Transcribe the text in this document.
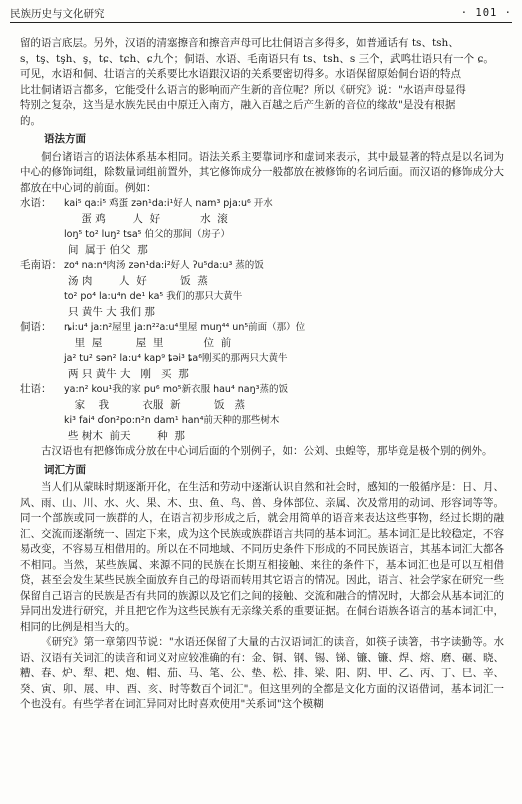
民族历史与文化研究	· 101 ·

留的语言底层。另外，汉语的清塞擦音和擦音声母可比壮侗语言多得多，如普通话有 ts、tsh、

s，tş、tşh、ş，tɕ、tɕh、ɕ九个；侗语、水语、毛南语只有 ts、tsh、s 三个，武鸣壮语只有一个 ɕ。

可见，水语和侗、壮语言的关系要比水语跟汉语的关系要密切得多。水语保留原始侗台语的特点

比壮侗诸语言都多，它能受什么语言的影响而产生新的音位呢？所以《研究》说："水语声母显得

特别之复杂，这当是水族先民由中原迁入南方，融入百越之后产生新的音位的缘故"是没有根据

的。

语法方面

侗台诸语言的语法体系基本相同。语法关系主要靠词序和虚词来表示，其中最显著的特点是以名词为中心的修饰词组，除数量词组前置外，其它修饰成分一般都放在被修饰的名词后面。而汉语的修饰成分大都放在中心词的前面。例如：

水语：	kai⁵ qa:i⁵ 鸡蛋 zən¹da:i¹好人 nam³ pja:u⁶ 开水
蛋 鸡        人  好            水  滚
loŋ⁵ to² luŋ² tsa⁵ 伯父的那间（房子）
间  属于 伯父  那
毛南语： zo⁴ na:n⁴肉汤 zən¹da:i²好人 ʔu⁵da:u³ 蒸的饭
汤 肉        人  好          饭  蒸
to² po⁴ la:u⁴n de¹ ka⁵ 我们的那只大黄牛
只 黄牛 大 我们 那
侗语：	ȵi:u⁴ ja:n²屋里 ja:n²²a:u⁴里屋 muŋ⁴⁴ un⁵前面（那）位
里  屋          屋  里            位  前
ja² tu² sən² la:u⁴ kap⁹ ȶəi³ ȶa⁶刚买的那两只大黄牛
两 只 黄牛 大   刚   买  那
壮语：	ya:n² kou¹我的家 pu⁶ mo⁵新衣服 hau⁴ naŋ³蒸的饭
家    我          衣服  新          饭   蒸
ki³ fai⁴ ɗon²po:n²n dam¹ han⁴前天种的那些树木
些 树木  前天        种  那

古汉语也有把修饰成分放在中心词后面的个别例子，如：公刘、虫蝗等，那毕竟是极个别的例外。

词汇方面

当人们从蒙昧时期逐渐开化，在生活和劳动中逐渐认识自然和社会时，感知的一般循序是：日、月、风、雨、山、川、水、火、果、木、虫、鱼、鸟、兽、身体部位、亲属、次及常用的动词、形容词等等。同一个部族或同一族群的人，在语言初步形成之后，就会用简单的语音来表达这些事物，经过长期的融汇、交流而逐渐统一、固定下来，成为这个民族或族群语言共同的基本词汇。基本词汇是比较稳定，不容易改变，不容易互相借用的。所以在不同地域、不同历史条件下形成的不同民族语言，其基本词汇大都各不相同。当然，某些族属、来源不同的民族在长期互相接触、来往的条件下，基本词汇也是可以互相借贷，甚至会发生某些民族全面放弃自己的母语而转用其它语言的情况。因此，语言、社会学家在研究一些保留自己语言的民族是否有共同的族源以及它们之间的接触、交流和融合的情况时，大都会从基本词汇的异同出发进行研究，并且把它作为这些民族有无亲缘关系的重要证据。在侗台语族各语言的基本词汇中，相同的比例是相当大的。

《研究》第一章第四节说："水语还保留了大量的古汉语词汇的读音，如筷子读箸，书字读勤等。水语、汉语有关词汇的读音和词义对应较准确的有：金、铜、钢、锡、锑、镰、镰、焊、熔、磨、碾、晓、糟、春、炉、犁、耙、炮、帽、茄、马、笔、公、垫、松、排、梁、阳、阴、甲、乙、丙、丁、巳、辛、癸、寅、卯、展、申、酉、亥、时等数百个词汇"。但这里列的全都是文化方面的汉语借词，基本词汇一个也没有。有些学者在词汇异同对比时喜欢使用"关系词"这个模糊
